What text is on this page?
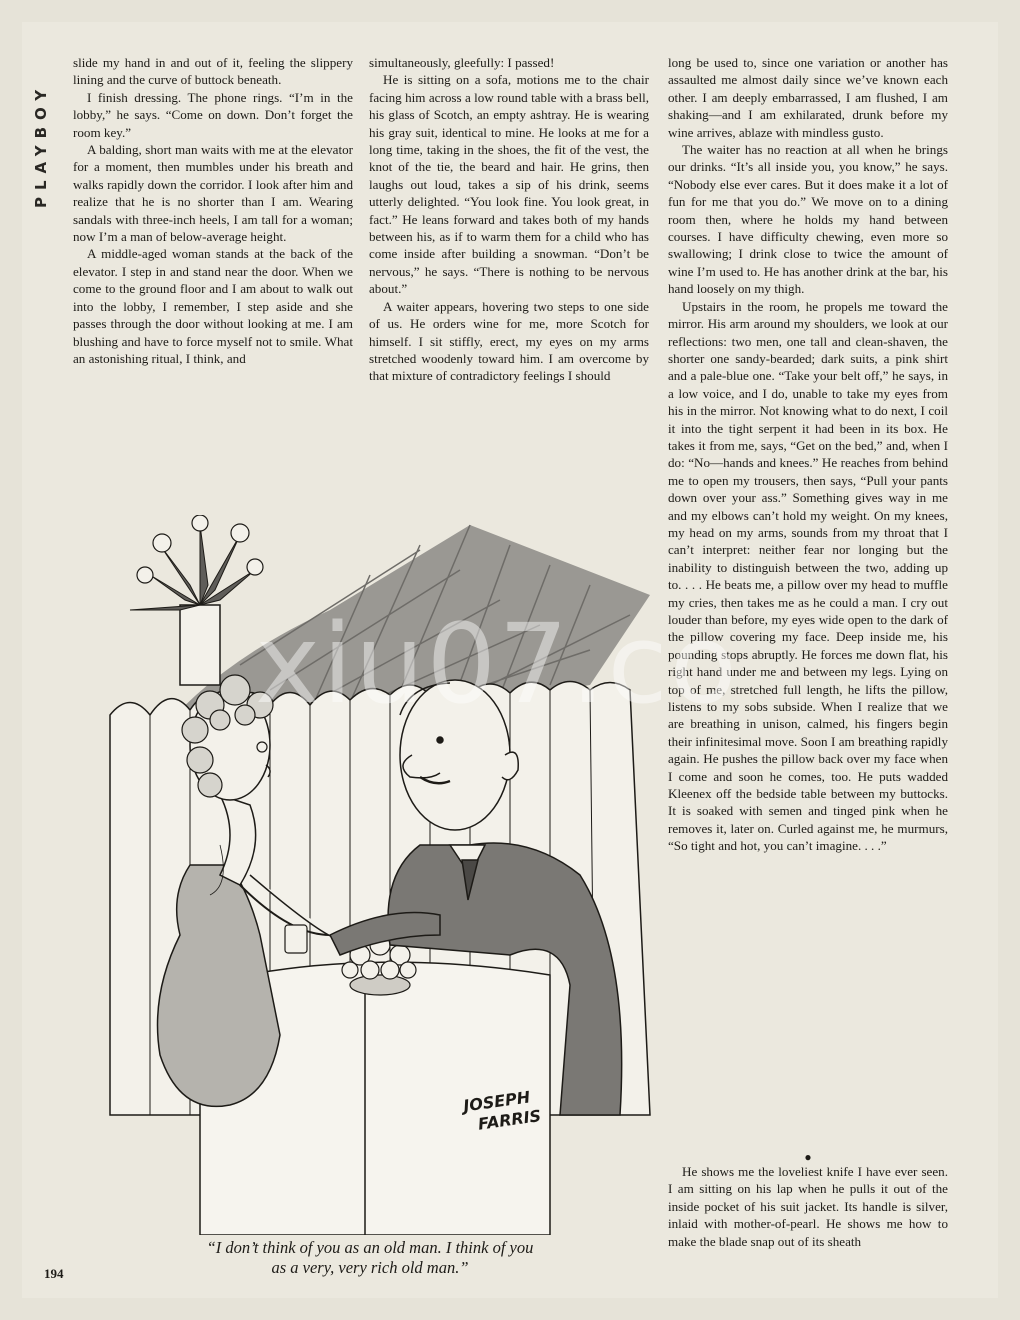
PLAYBOY

slide my hand in and out of it, feeling the slippery lining and the curve of buttock beneath.

I finish dressing. The phone rings. “I’m in the lobby,” he says. “Come on down. Don’t forget the room key.”

A balding, short man waits with me at the elevator for a moment, then mumbles under his breath and walks rapidly down the corridor. I look after him and realize that he is no shorter than I am. Wearing sandals with three-inch heels, I am tall for a woman; now I’m a man of below-average height.

A middle-aged woman stands at the back of the elevator. I step in and stand near the door. When we come to the ground floor and I am about to walk out into the lobby, I remember, I step aside and she passes through the door without looking at me. I am blushing and have to force myself not to smile. What an astonishing ritual, I think, and

simultaneously, gleefully: I passed!

He is sitting on a sofa, motions me to the chair facing him across a low round table with a brass bell, his glass of Scotch, an empty ashtray. He is wearing his gray suit, identical to mine. He looks at me for a long time, taking in the shoes, the fit of the vest, the knot of the tie, the beard and hair. He grins, then laughs out loud, takes a sip of his drink, seems utterly delighted. “You look fine. You look great, in fact.” He leans forward and takes both of my hands between his, as if to warm them for a child who has come inside after building a snowman. “Don’t be nervous,” he says. “There is nothing to be nervous about.”

A waiter appears, hovering two steps to one side of us. He orders wine for me, more Scotch for himself. I sit stiffly, erect, my eyes on my arms stretched woodenly toward him. I am overcome by that mixture of contradictory feelings I should

long be used to, since one variation or another has assaulted me almost daily since we’ve known each other. I am deeply embarrassed, I am flushed, I am shaking—and I am exhilarated, drunk before my wine arrives, ablaze with mindless gusto.

The waiter has no reaction at all when he brings our drinks. “It’s all inside you, you know,” he says. “Nobody else ever cares. But it does make it a lot of fun for me that you do.” We move on to a dining room then, where he holds my hand between courses. I have difficulty chewing, even more so swallowing; I drink close to twice the amount of wine I’m used to. He has another drink at the bar, his hand loosely on my thigh.

Upstairs in the room, he propels me toward the mirror. His arm around my shoulders, we look at our reflections: two men, one tall and clean-shaven, the shorter one sandy-bearded; dark suits, a pink shirt and a pale-blue one. “Take your belt off,” he says, in a low voice, and I do, unable to take my eyes from his in the mirror. Not knowing what to do next, I coil it into the tight serpent it had been in its box. He takes it from me, says, “Get on the bed,” and, when I do: “No—hands and knees.” He reaches from behind me to open my trousers, then says, “Pull your pants down over your ass.” Something gives way in me and my elbows can’t hold my weight. On my knees, my head on my arms, sounds from my throat that I can’t interpret: neither fear nor longing but the inability to distinguish between the two, adding up to. . . . He beats me, a pillow over my head to muffle my cries, then takes me as he could a man. I cry out louder than before, my eyes wide open to the dark of the pillow covering my face. Deep inside me, his pounding stops abruptly. He forces me down flat, his right hand under me and between my legs. Lying on top of me, stretched full length, he lifts the pillow, listens to my sobs subside. When I realize that we are breathing in unison, calmed, his fingers begin their infinitesimal move. Soon I am breathing rapidly again. He pushes the pillow back over my face when I come and soon he comes, too. He puts wadded Kleenex off the bedside table between my buttocks. It is soaked with semen and tinged pink when he removes it, later on. Curled against me, he murmurs, “So tight and hot, you can’t imagine. . . .”

●

He shows me the loveliest knife I have ever seen. I am sitting on his lap when he pulls it out of the inside pocket of his suit jacket. Its handle is silver, inlaid with mother-of-pearl. He shows me how to make the blade snap out of its sheath

JOSEPH
FARRIS
“I don’t think of you as an old man. I think of you
as a very, very rich old man.”
194
xiu07.co
